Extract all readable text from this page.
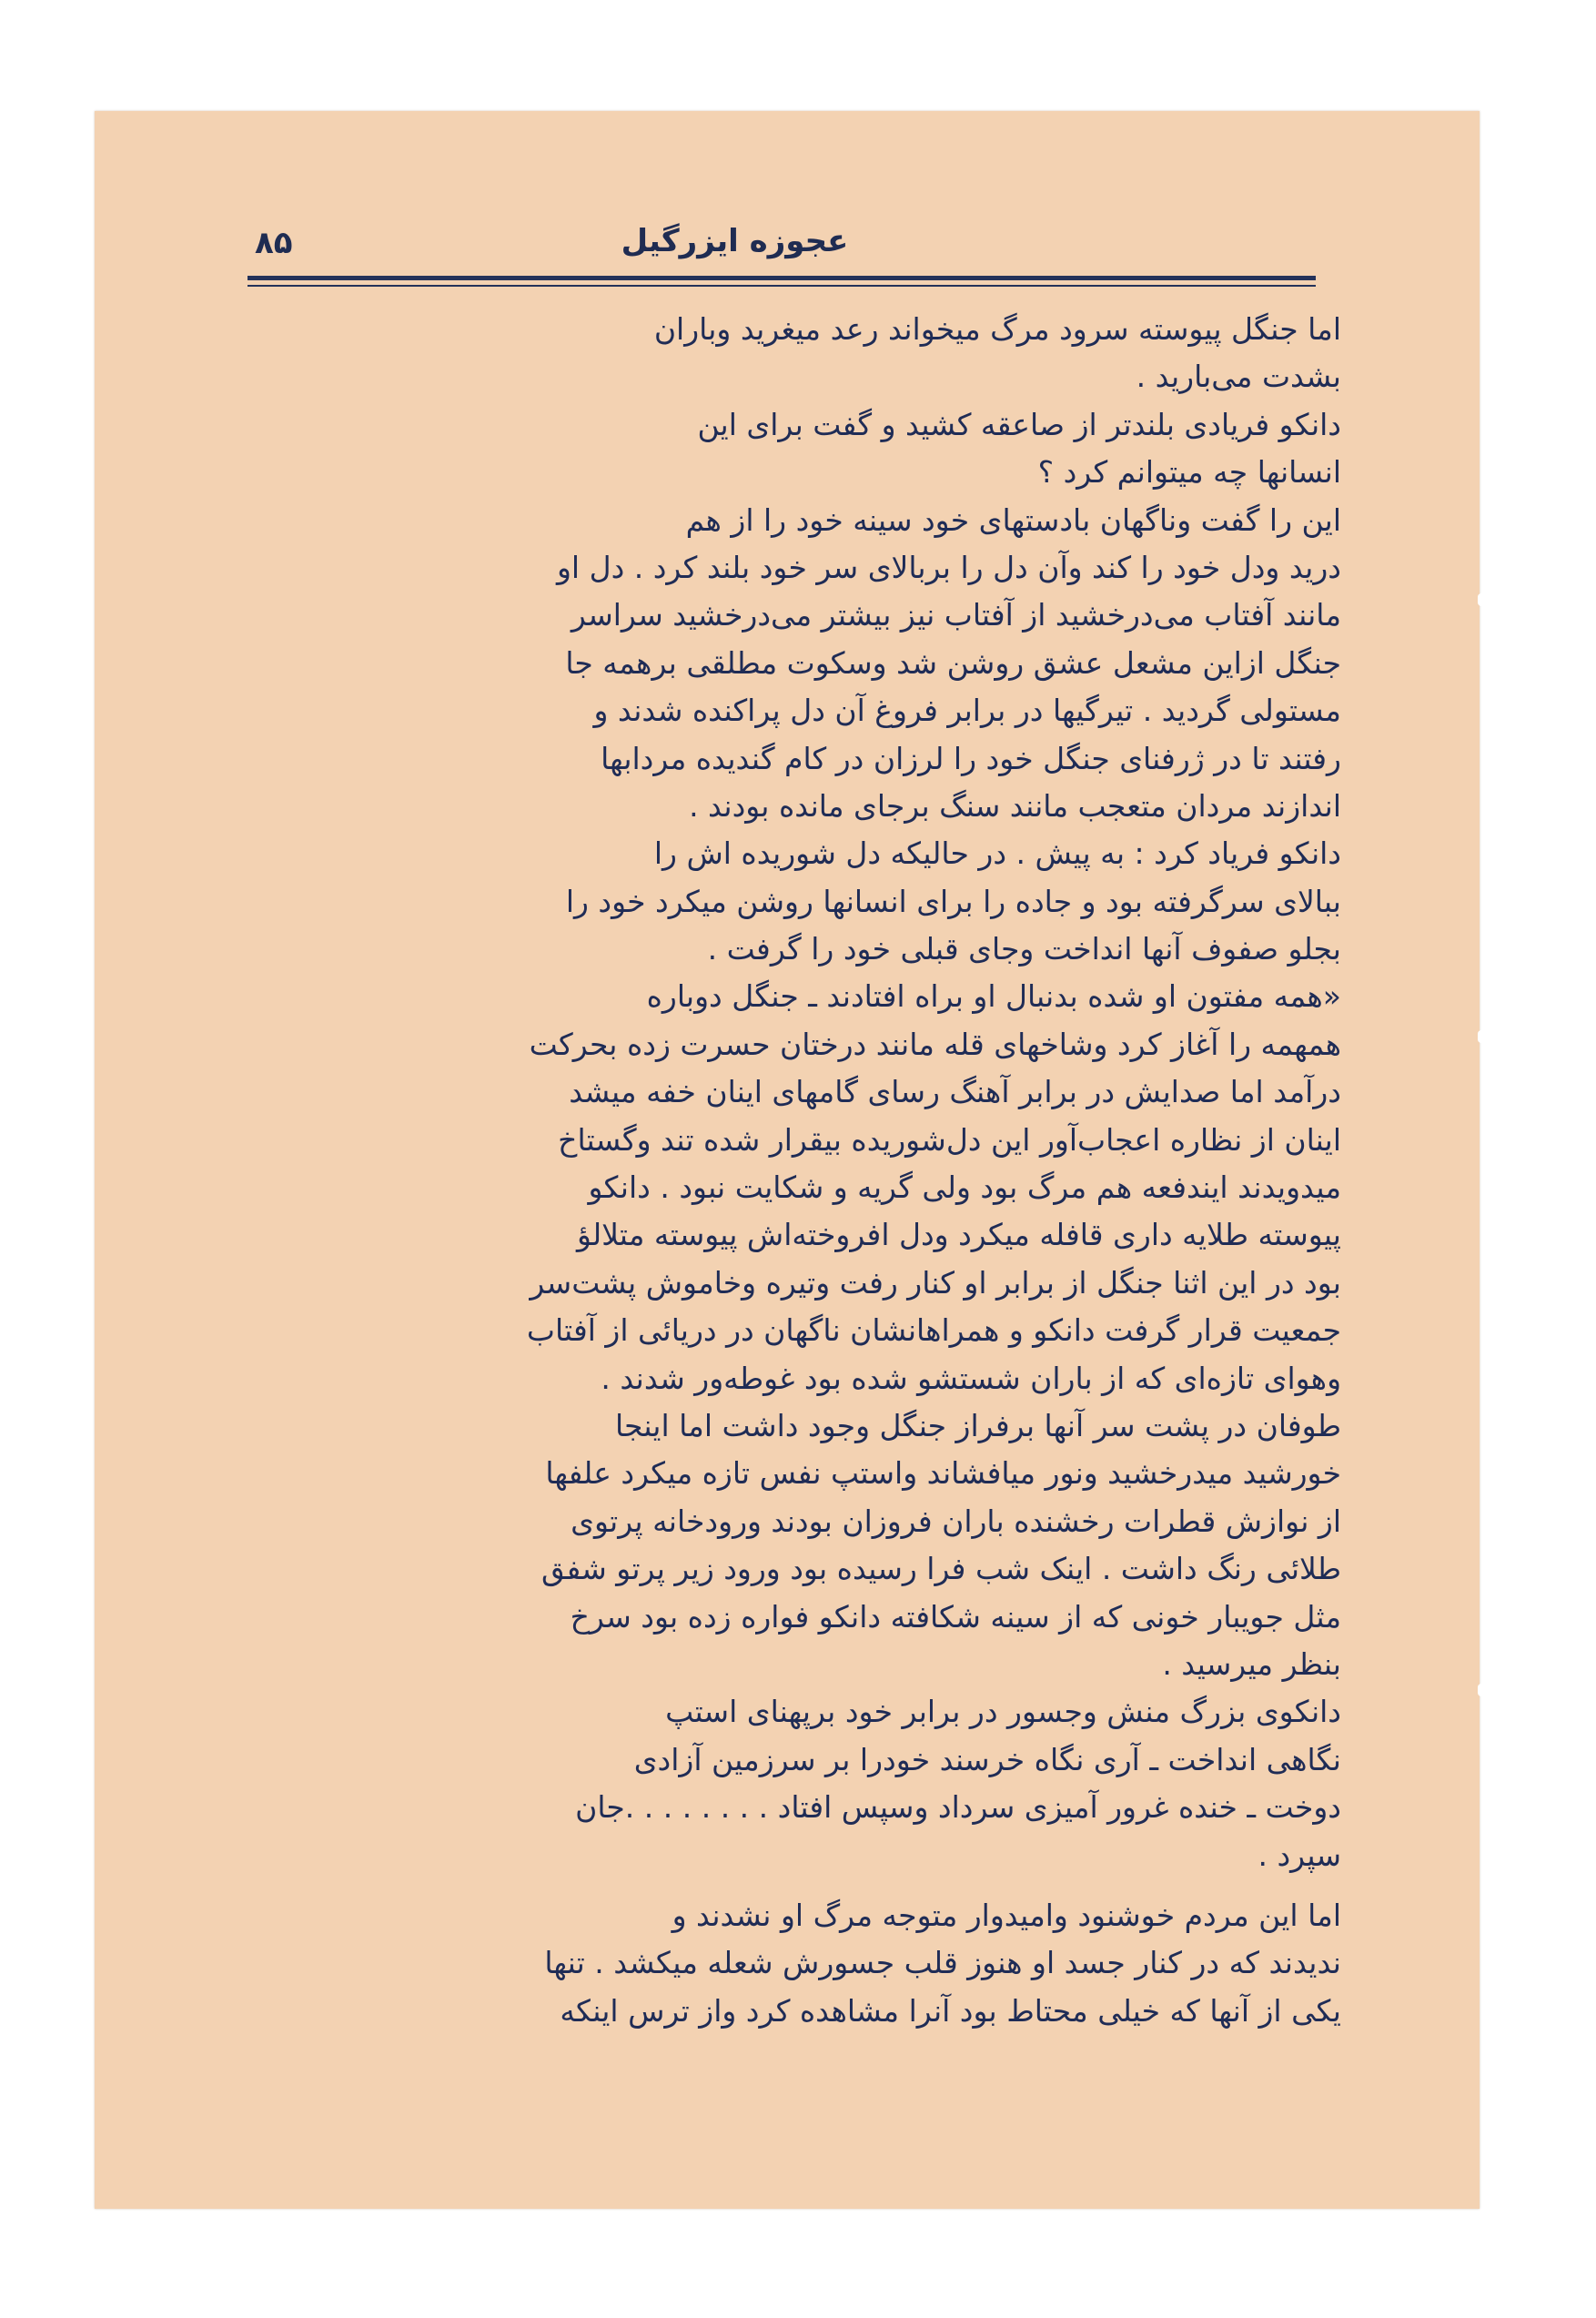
عجوزه ایزرگیل
۸۵
اما جنگل پیوسته سرود مرگ میخواند رعد میغرید وباران
بشدت می‌بارید .
دانکو فریادی بلندتر از صاعقه کشید و گفت برای این
انسانها چه میتوانم کرد ؟
این را گفت وناگهان بادستهای خود سینه خود را از هم
درید ودل خود را کند وآن دل را بربالای سر خود بلند کرد . دل او
مانند آفتاب می‌درخشید از آفتاب نیز بیشتر می‌درخشید سراسر
جنگل ازاین مشعل عشق روشن شد وسکوت مطلقی برهمه جا
مستولی گردید . تیرگیها در برابر فروغ آن دل پراکنده شدند و
رفتند تا در ژرفنای جنگل خود را لرزان در کام گندیده مردابها
اندازند مردان متعجب مانند سنگ برجای مانده بودند .
دانکو فریاد کرد : به پیش . در حالیکه دل شوریده اش را
ببالای سرگرفته بود و جاده را برای انسانها روشن میکرد خود را
بجلو صفوف آنها انداخت وجای قبلی خود را گرفت .
«همه مفتون او شده بدنبال او براه افتادند ـ جنگل دوباره
همهمه را آغاز کرد وشاخهای قله مانند درختان حسرت زده بحرکت
درآمد اما صدایش در برابر آهنگ رسای گامهای اینان خفه میشد
اینان از نظاره اعجاب‌آور این دل‌شوریده بیقرار شده تند وگستاخ
میدویدند ایندفعه هم مرگ بود ولی گریه و شکایت نبود . دانکو
پیوسته طلایه داری قافله میکرد ودل افروخته‌اش پیوسته متلالؤ
بود در این اثنا جنگل از برابر او کنار رفت وتیره وخاموش پشت‌سر
جمعیت قرار گرفت دانکو و همراهانشان ناگهان در دریائی از آفتاب
وهوای تازه‌ای که از باران شستشو شده بود غوطه‌ور شدند .
طوفان در پشت سر آنها برفراز جنگل وجود داشت اما اینجا
خورشید میدرخشید ونور میافشاند واستپ نفس تازه میکرد علفها
از نوازش قطرات رخشنده باران فروزان بودند ورودخانه پرتوی
طلائی رنگ داشت . اینک شب فرا رسیده بود ورود زیر پرتو شفق
مثل جویبار خونی که از سینه شکافته دانکو فواره زده بود سرخ
بنظر میرسید .
دانکوی بزرگ منش وجسور در برابر خود برپهنای استپ
نگاهی انداخت ـ آری نگاه خرسند خودرا بر سرزمین آزادی
دوخت ـ خنده غرور آمیزی سرداد وسپس افتاد . . . . . . . .جان
سپرد .
اما این مردم خوشنود وامیدوار متوجه مرگ او نشدند و
ندیدند که در کنار جسد او هنوز قلب جسورش شعله میکشد . تنها
یکی از آنها که خیلی محتاط بود آنرا مشاهده کرد واز ترس اینکه
